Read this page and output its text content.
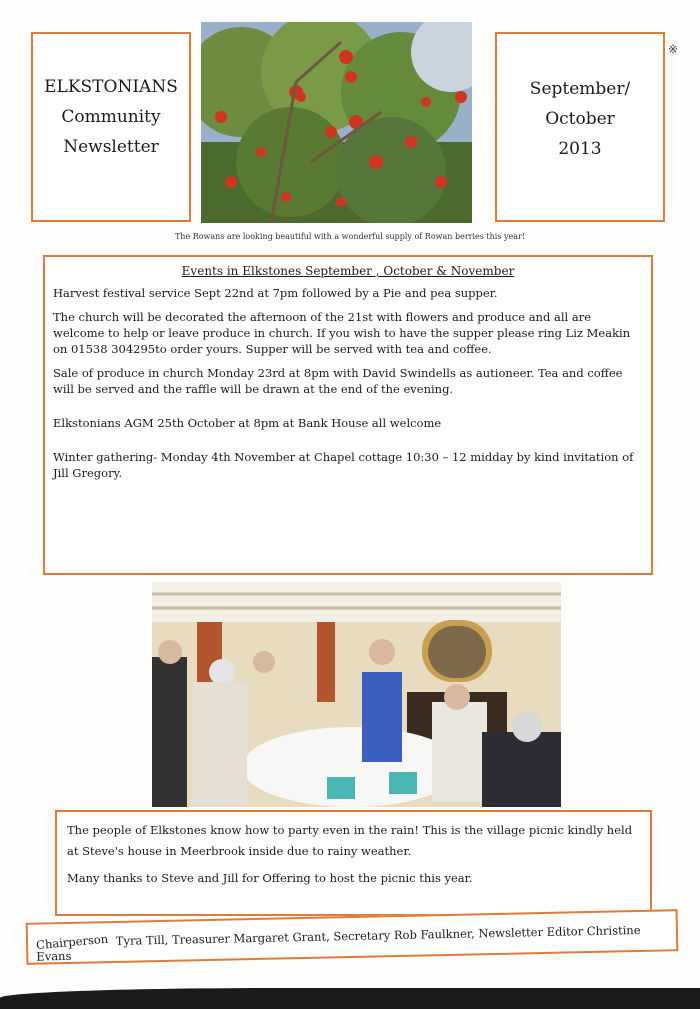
ELKSTONIANS
Community
Newsletter
September/
October
2013
※
The Rowans are looking beautiful with a wonderful supply of Rowan berries this year!
Events in Elkstones September , October & November

Harvest festival service Sept 22nd at 7pm followed by a Pie and pea supper.

The church will be decorated the afternoon of the 21st with flowers and produce and all are welcome to help or leave produce in church. If you wish to have the supper please ring Liz Meakin on 01538 304295to order yours. Supper will be served with tea and coffee.

Sale of produce in church Monday 23rd at 8pm with David Swindells as autioneer. Tea and coffee will be served and the raffle will be drawn at the end of the evening.

Elkstonians AGM 25th October at 8pm at Bank House all welcome

Winter gathering- Monday 4th November at Chapel cottage 10:30 – 12 midday by kind invitation of Jill Gregory.

The people of Elkstones know how to party even in the rain! This is the village picnic kindly held at Steve's house in Meerbrook inside due to rainy weather.

Many thanks to Steve and Jill for Offering to host the picnic this year.

Chairperson Tyra Till, Treasurer Margaret Grant, Secretary Rob Faulkner, Newsletter Editor Christine Evans
